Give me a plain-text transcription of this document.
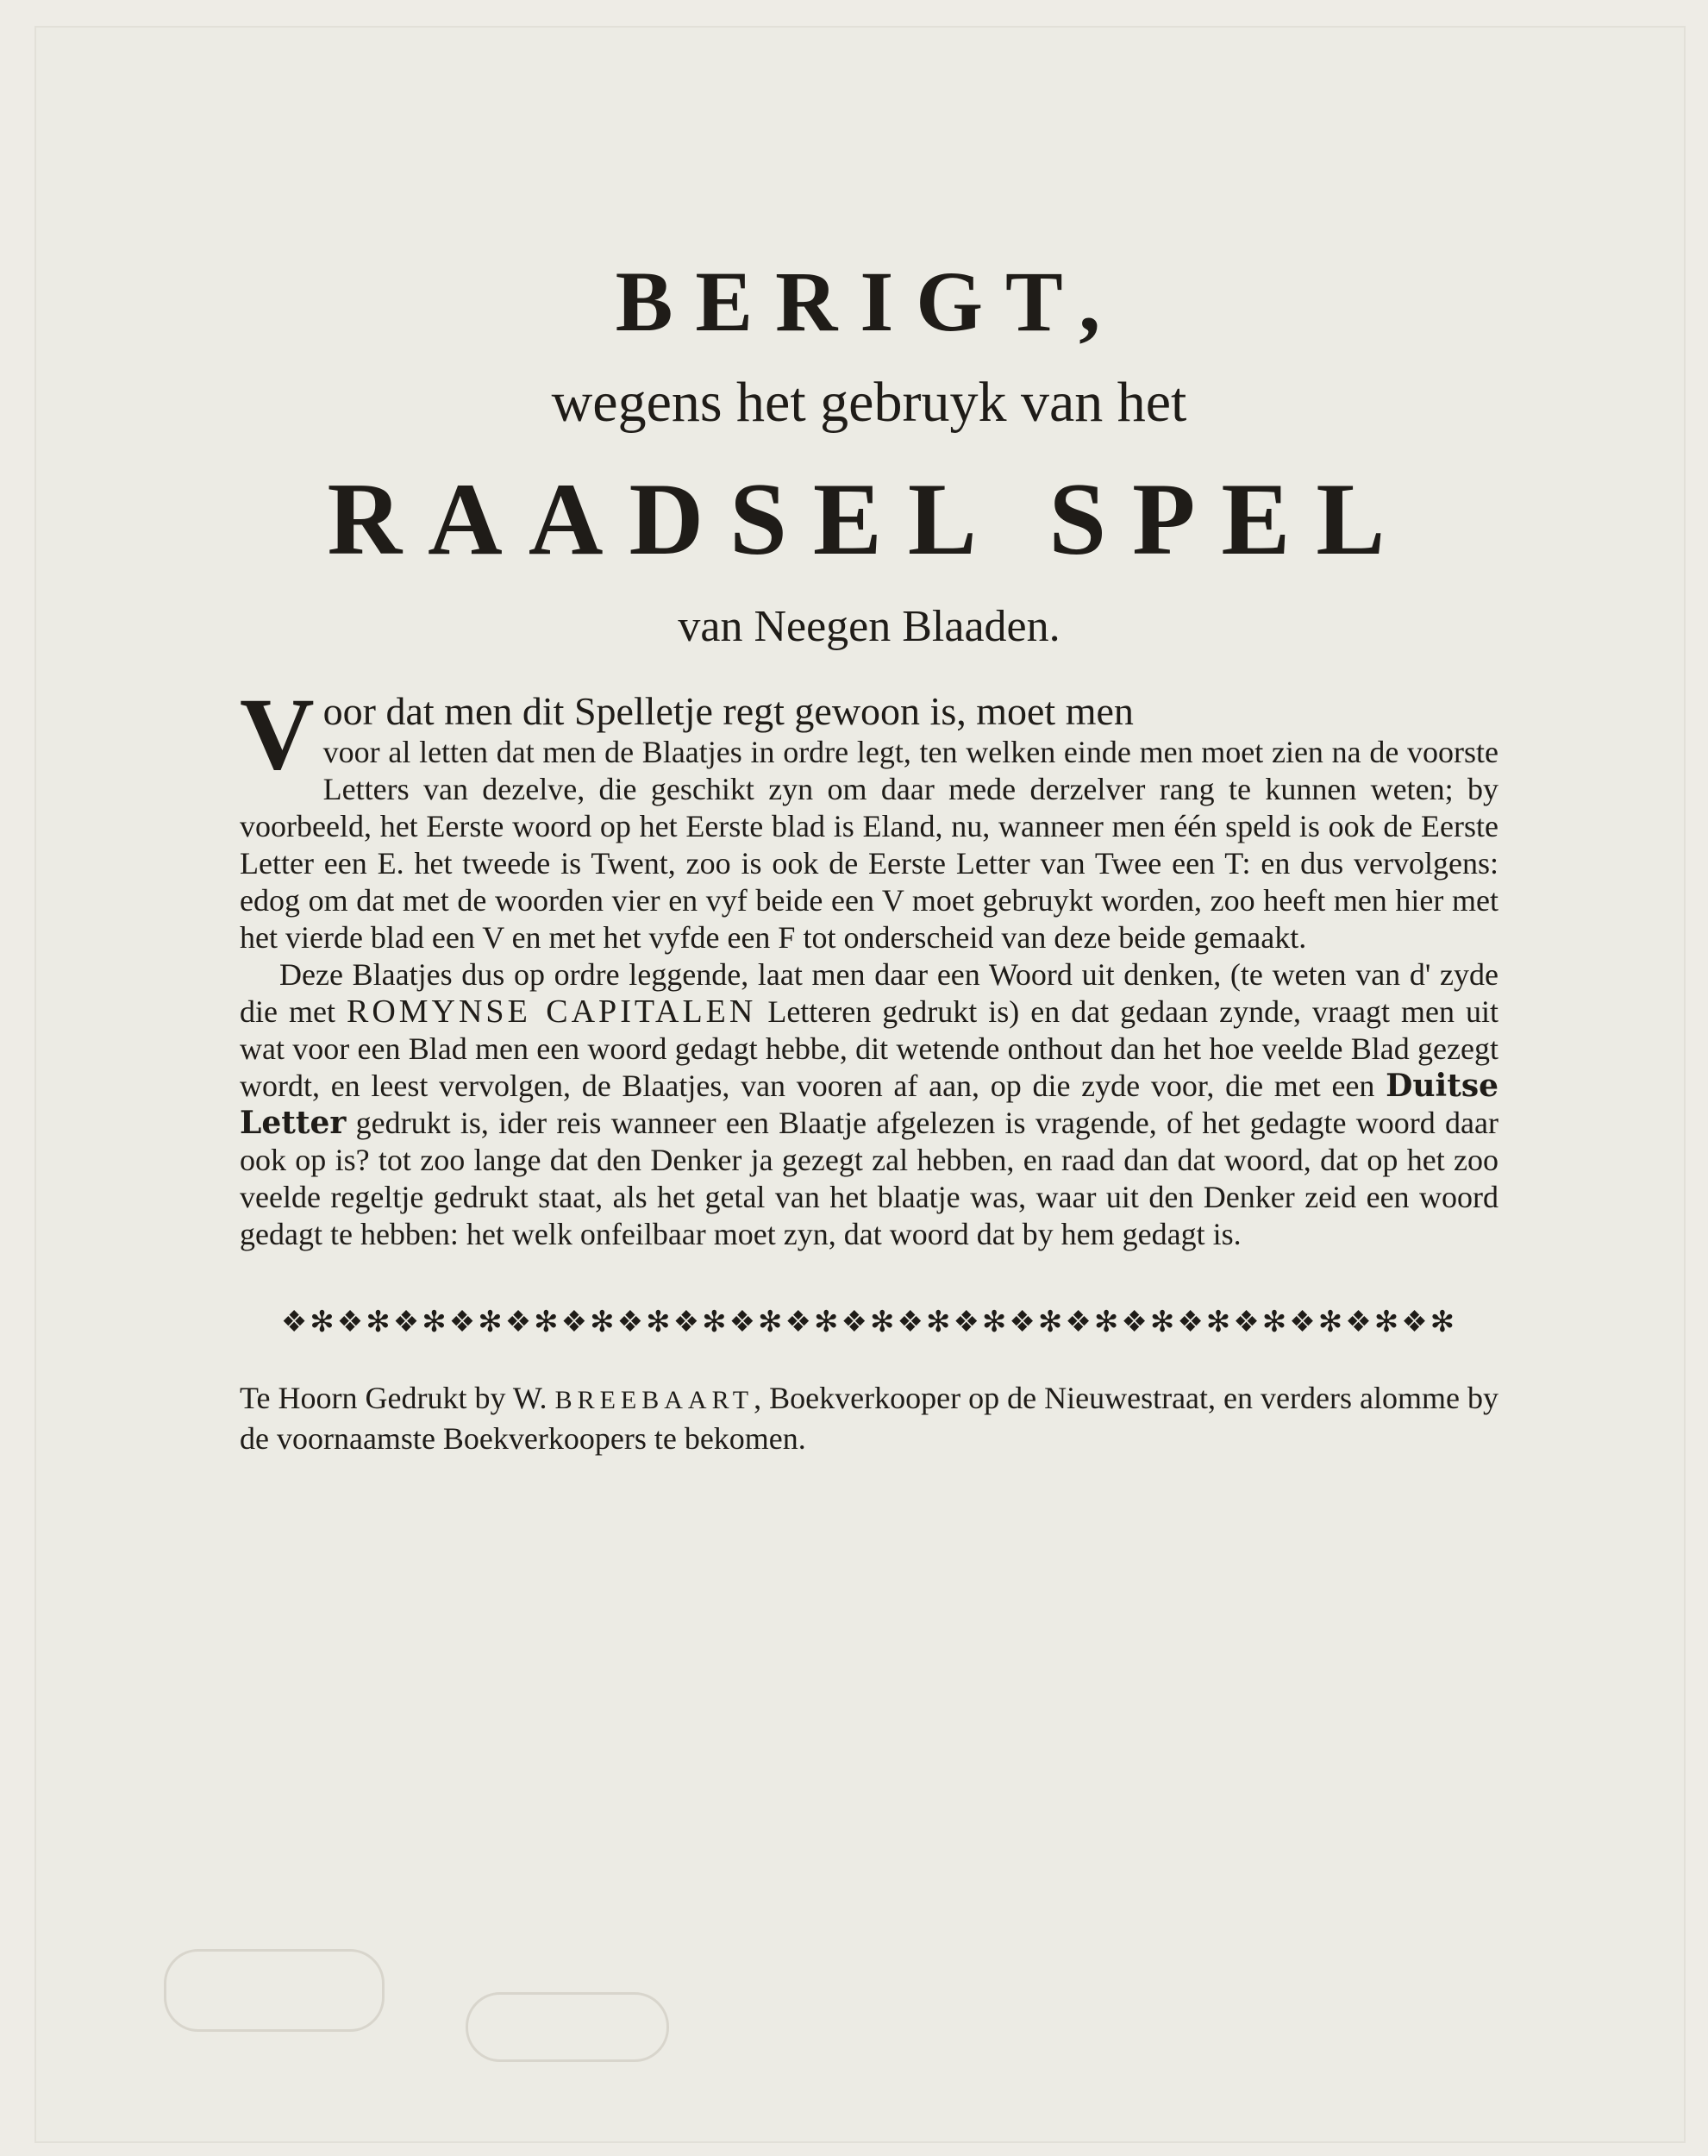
BERIGT,
wegens het gebruyk van het
RAADSEL SPEL
van Neegen Blaaden.

V oor dat men dit Spelletje regt gewoon is, moet men
voor al letten dat men de Blaatjes in ordre legt, ten welken einde men moet zien na de voorste Letters van dezelve, die geschikt zyn om daar mede derzelver rang te kunnen weten; by voorbeeld, het Eerste woord op het Eerste blad is Eland, nu, wanneer men één speld is ook de Eerste Letter een E. het tweede is Twent, zoo is ook de Eerste Letter van Twee een T: en dus vervolgens: edog om dat met de woorden vier en vyf beide een V moet gebruykt worden, zoo heeft men hier met het vierde blad een V en met het vyfde een F tot onderscheid van deze beide gemaakt.

Deze Blaatjes dus op ordre leggende, laat men daar een Woord uit denken, (te weten van d' zyde die met ROMYNSE CAPITALEN Letteren gedrukt is) en dat gedaan zynde, vraagt men uit wat voor een Blad men een woord gedagt hebbe, dit wetende onthout dan het hoe veelde Blad gezegt wordt, en leest vervolgen, de Blaatjes, van vooren af aan, op die zyde voor, die met een Duitse Letter gedrukt is, ider reis wanneer een Blaatje afgelezen is vragende, of het gedagte woord daar ook op is? tot zoo lange dat den Denker ja gezegt zal hebben, en raad dan dat woord, dat op het zoo veelde regeltje gedrukt staat, als het getal van het blaatje was, waar uit den Denker zeid een woord gedagt te hebben: het welk onfeilbaar moet zyn, dat woord dat by hem gedagt is.

❖✻❖✻❖✻❖✻❖✻❖✻❖✻❖✻❖✻❖✻❖✻❖✻❖✻❖✻❖✻❖✻❖✻❖✻❖✻❖✻❖✻
Te Hoorn Gedrukt by W. BREEBAART, Boekverkooper op de Nieuwestraat, en verders alomme by de voornaamste Boekverkoopers te bekomen.
